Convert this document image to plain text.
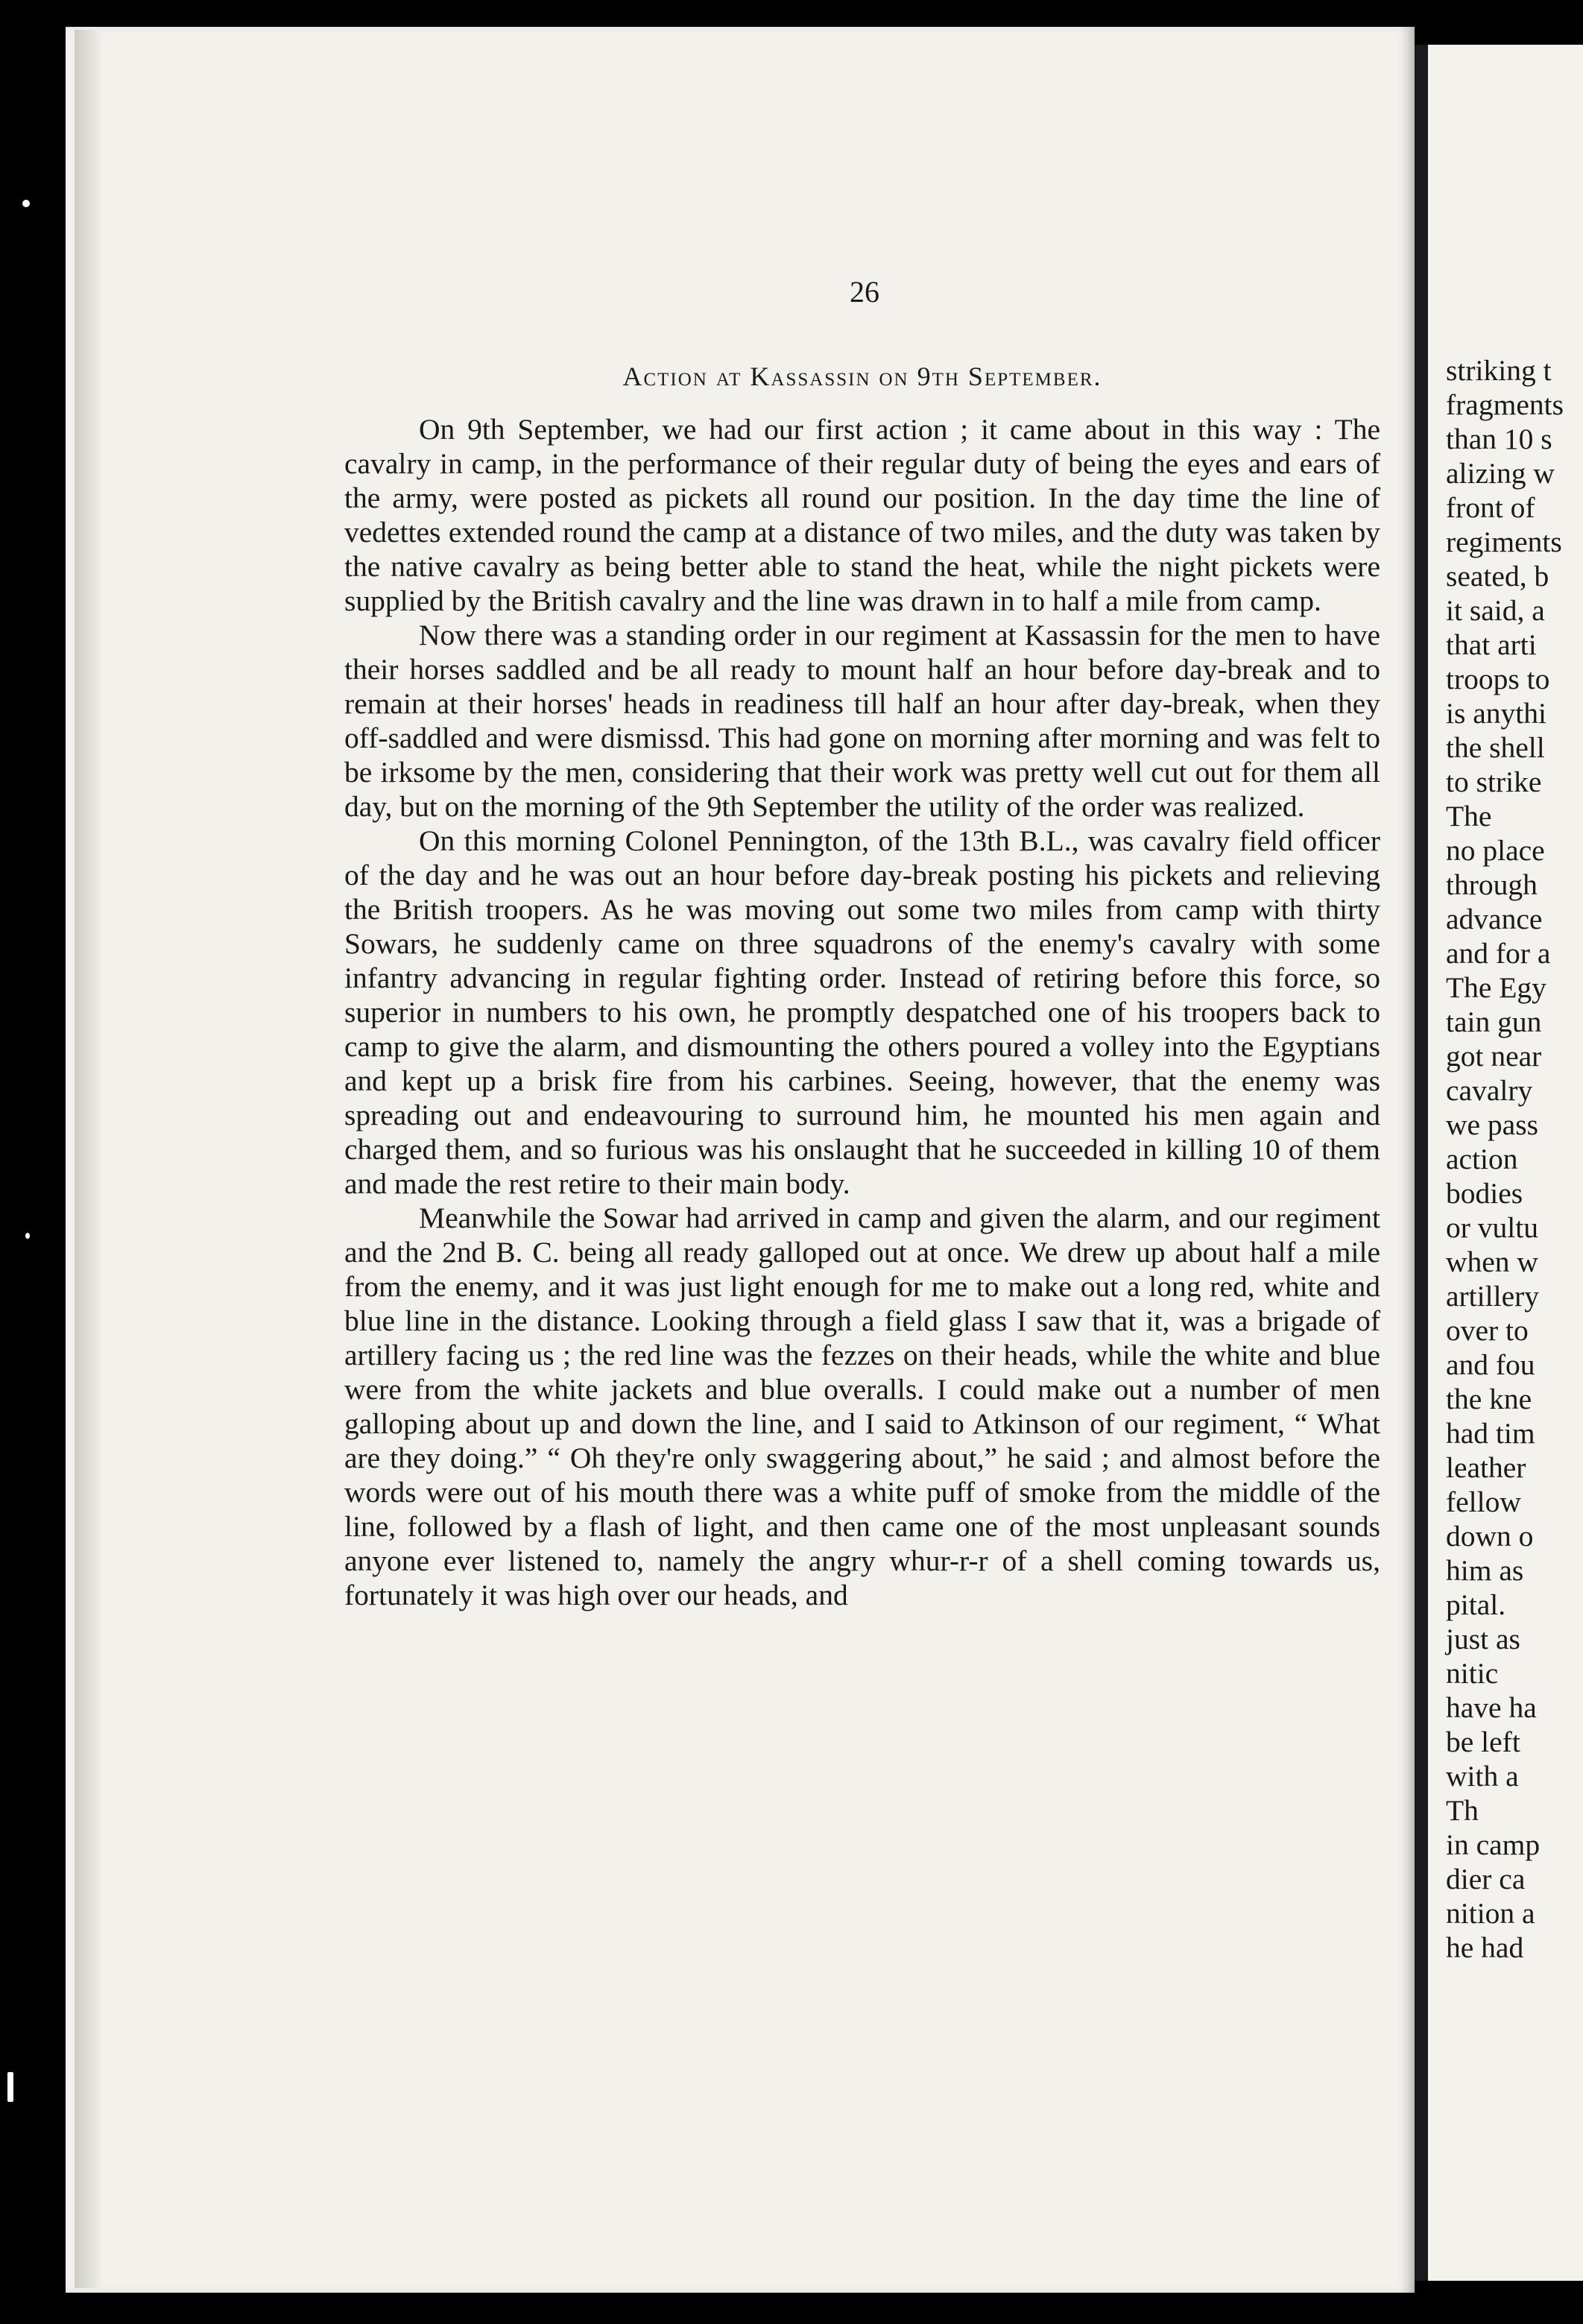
26
Action at Kassassin on 9th September.

On 9th September, we had our first action ; it came about in this way : The cavalry in camp, in the performance of their regular duty of being the eyes and ears of the army, were posted as pickets all round our position. In the day time the line of vedettes extended round the camp at a distance of two miles, and the duty was taken by the native cavalry as being better able to stand the heat, while the night pickets were supplied by the British cavalry and the line was drawn in to half a mile from camp.

Now there was a standing order in our regiment at Kassassin for the men to have their horses saddled and be all ready to mount half an hour before day-break and to remain at their horses' heads in readiness till half an hour after day-break, when they off-saddled and were dismissd. This had gone on morning after morning and was felt to be irksome by the men, considering that their work was pretty well cut out for them all day, but on the morning of the 9th September the utility of the order was realized.

On this morning Colonel Pennington, of the 13th B.L., was cavalry field officer of the day and he was out an hour before day-break posting his pickets and relieving the British troopers. As he was moving out some two miles from camp with thirty Sowars, he suddenly came on three squadrons of the enemy's cavalry with some infantry advancing in regular fighting order. Instead of retiring before this force, so superior in numbers to his own, he promptly despatched one of his troopers back to camp to give the alarm, and dismounting the others poured a volley into the Egyptians and kept up a brisk fire from his carbines. Seeing, however, that the enemy was spreading out and endeavouring to surround him, he mounted his men again and charged them, and so furious was his onslaught that he succeeded in killing 10 of them and made the rest retire to their main body.

Meanwhile the Sowar had arrived in camp and given the alarm, and our regiment and the 2nd B. C. being all ready galloped out at once. We drew up about half a mile from the enemy, and it was just light enough for me to make out a long red, white and blue line in the distance. Looking through a field glass I saw that it, was a brigade of artillery facing us ; the red line was the fezzes on their heads, while the white and blue were from the white jackets and blue overalls. I could make out a number of men galloping about up and down the line, and I said to Atkinson of our regiment, “ What are they doing.” “ Oh they're only swaggering about,” he said ; and almost before the words were out of his mouth there was a white puff of smoke from the middle of the line, followed by a flash of light, and then came one of the most unpleasant sounds anyone ever listened to, namely the angry whur-r-r of a shell coming towards us, fortunately it was high over our heads, and

striking t
fragments
than 10 s
alizing w
front of
regiments
seated, b
it said, a
that arti
troops to
is anythi
the shell
to strike
The
no place
through
advance
and for a
The Egy
tain gun
got near
cavalry
we pass
action
bodies
or vultu
when w
artillery
over to
and fou
the kne
had tim
leather
fellow
down o
him as
pital.
just as
nitic
have ha
be left
with a
Th
in camp
dier ca
nition a
he had
